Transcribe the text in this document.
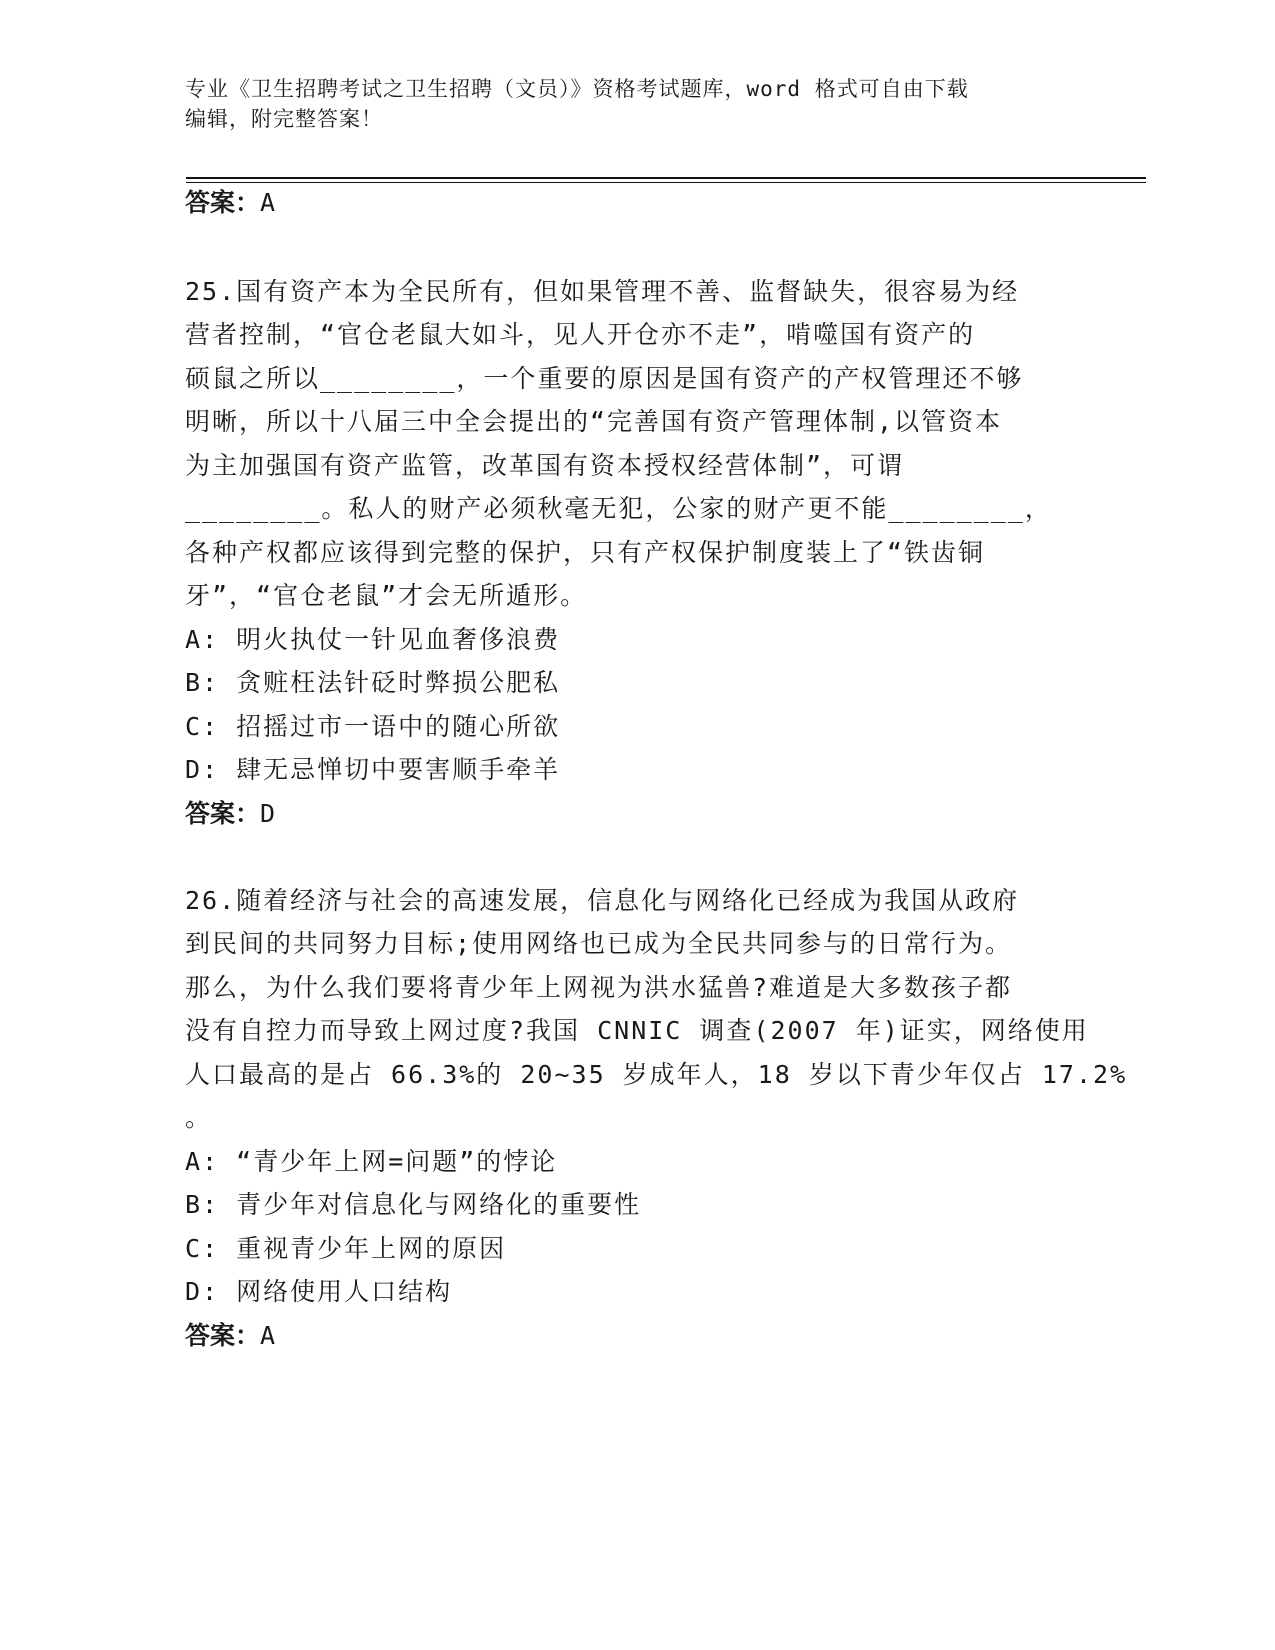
专业《卫生招聘考试之卫生招聘（文员）》资格考试题库，word 格式可自由下载
编辑，附完整答案！
答案：A
25.国有资产本为全民所有，但如果管理不善、监督缺失，很容易为经
营者控制，“官仓老鼠大如斗，见人开仓亦不走”，啃噬国有资产的
硕鼠之所以________，一个重要的原因是国有资产的产权管理还不够
明晰，所以十八届三中全会提出的“完善国有资产管理体制,以管资本
为主加强国有资产监管，改革国有资本授权经营体制”，可谓
________。私人的财产必须秋毫无犯，公家的财产更不能________，
各种产权都应该得到完整的保护，只有产权保护制度装上了“铁齿铜
牙”，“官仓老鼠”才会无所遁形。
A: 明火执仗一针见血奢侈浪费
B: 贪赃枉法针砭时弊损公肥私
C: 招摇过市一语中的随心所欲
D: 肆无忌惮切中要害顺手牵羊
答案：D
26.随着经济与社会的高速发展，信息化与网络化已经成为我国从政府
到民间的共同努力目标;使用网络也已成为全民共同参与的日常行为。
那么，为什么我们要将青少年上网视为洪水猛兽?难道是大多数孩子都
没有自控力而导致上网过度?我国 CNNIC 调查(2007 年)证实，网络使用
人口最高的是占 66.3%的 20~35 岁成年人，18 岁以下青少年仅占 17.2%
。
A: “青少年上网=问题”的悖论
B: 青少年对信息化与网络化的重要性
C: 重视青少年上网的原因
D: 网络使用人口结构
答案：A
